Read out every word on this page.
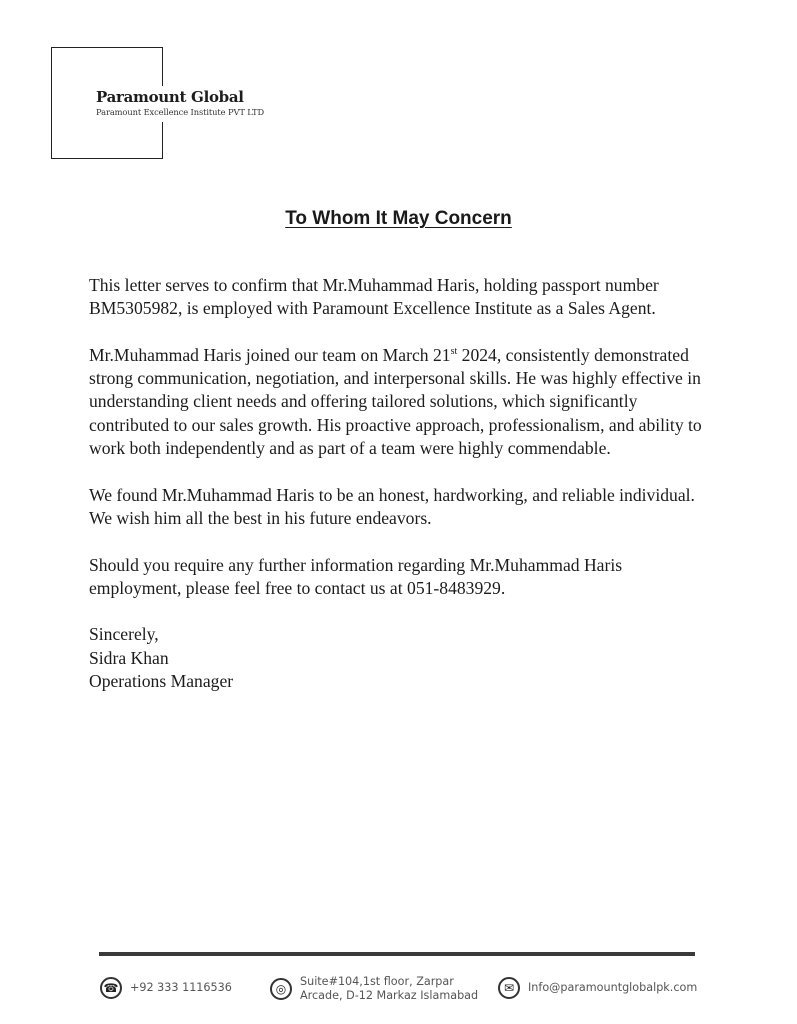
Paramount Global
Paramount Excellence Institute PVT LTD
To Whom It May Concern

This letter serves to confirm that Mr.Muhammad Haris, holding passport number BM5305982, is employed with Paramount Excellence Institute as a Sales Agent.

Mr.Muhammad Haris joined our team on March 21st 2024, consistently demonstrated strong communication, negotiation, and interpersonal skills. He was highly effective in understanding client needs and offering tailored solutions, which significantly contributed to our sales growth. His proactive approach, professionalism, and ability to work both independently and as part of a team were highly commendable.

We found Mr.Muhammad Haris to be an honest, hardworking, and reliable individual. We wish him all the best in his future endeavors.

Should you require any further information regarding Mr.Muhammad Haris employment, please feel free to contact us at 051-8483929.

Sincerely,

Sidra Khan

Operations Manager

☎	+92 333 1116536	◎
Suite#104,1st floor, Zarpar
Arcade, D-12 Markaz Islamabad
✉	Info@paramountglobalpk.com
